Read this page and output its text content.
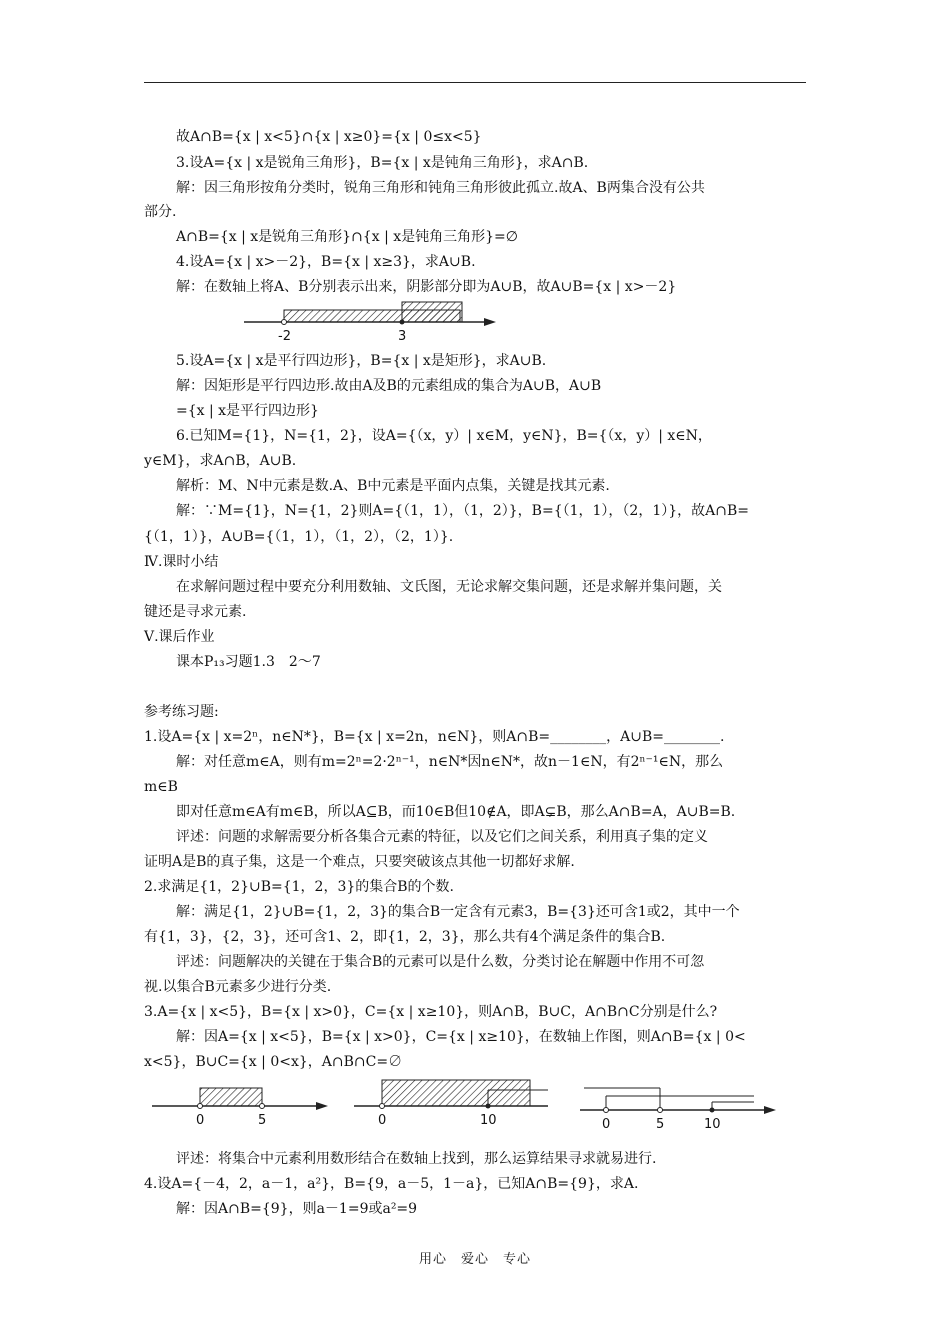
故A∩B={x | x<5}∩{x | x≥0}={x | 0≤x<5}
3.设A={x | x是锐角三角形}，B={x | x是钝角三角形}，求A∩B.
解：因三角形按角分类时，锐角三角形和钝角三角形彼此孤立.故A、B两集合没有公共
部分.
A∩B={x | x是锐角三角形}∩{x | x是钝角三角形}=∅
4.设A={x | x>－2}，B={x | x≥3}，求A∪B.
解：在数轴上将A、B分别表示出来，阴影部分即为A∪B，故A∪B={x | x>－2}
-2	3
5.设A={x | x是平行四边形}，B={x | x是矩形}，求A∪B.
解：因矩形是平行四边形.故由A及B的元素组成的集合为A∪B，A∪B
={x | x是平行四边形}
6.已知M={1}，N={1，2}，设A={（x，y）| x∈M，y∈N}，B={（x，y）| x∈N，
y∈M}，求A∩B，A∪B.
解析：M、N中元素是数.A、B中元素是平面内点集，关键是找其元素.
解：∵M={1}，N={1，2}则A={（1，1），（1，2）}，B={（1，1），（2，1）}，故A∩B=
{（1，1）}，A∪B={（1，1），（1，2），（2，1）}.
Ⅳ.课时小结
在求解问题过程中要充分利用数轴、文氏图，无论求解交集问题，还是求解并集问题，关
键还是寻求元素.
Ⅴ.课后作业
课本P₁₃习题1.3　2～7
参考练习题:
1.设A={x | x=2ⁿ，n∈N*}，B={x | x=2n，n∈N}，则A∩B=________，A∪B=________.
解：对任意m∈A，则有m=2ⁿ=2·2ⁿ⁻¹，n∈N*因n∈N*，故n－1∈N，有2ⁿ⁻¹∈N，那么
m∈B
即对任意m∈A有m∈B，所以A⊆B，而10∈B但10∉A，即A⊊B，那么A∩B=A，A∪B=B.
评述：问题的求解需要分析各集合元素的特征，以及它们之间关系，利用真子集的定义
证明A是B的真子集，这是一个难点，只要突破该点其他一切都好求解.
2.求满足{1，2}∪B={1，2，3}的集合B的个数.
解：满足{1，2}∪B={1，2，3}的集合B一定含有元素3，B={3}还可含1或2，其中一个
有{1，3}，{2，3}，还可含1、2，即{1，2，3}，那么共有4个满足条件的集合B.
评述：问题解决的关键在于集合B的元素可以是什么数，分类讨论在解题中作用不可忽
视.以集合B元素多少进行分类.
3.A={x | x<5}，B={x | x>0}，C={x | x≥10}，则A∩B，B∪C，A∩B∩C分别是什么?
解：因A={x | x<5}，B={x | x>0}，C={x | x≥10}，在数轴上作图，则A∩B={x | 0<
x<5}，B∪C={x | 0<x}，A∩B∩C=∅
0	5	0	10	0	5	10
评述：将集合中元素利用数形结合在数轴上找到，那么运算结果寻求就易进行.
4.设A={－4，2，a－1，a²}，B={9，a－5，1－a}，已知A∩B={9}，求A.
解：因A∩B={9}，则a－1=9或a²=9
用心　爱心　专心
